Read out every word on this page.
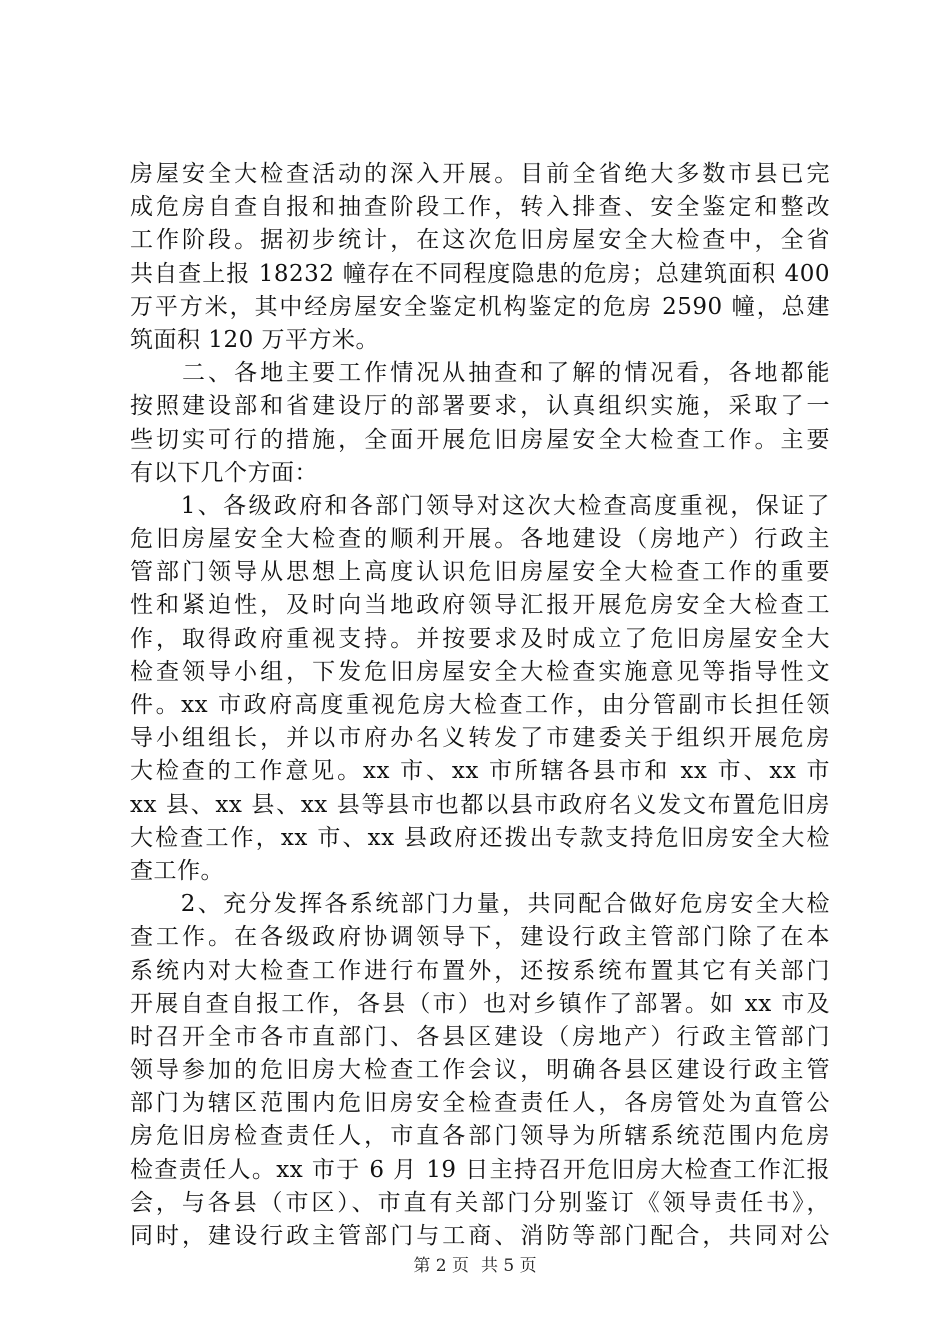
房屋安全大检查活动的深入开展。目前全省绝大多数市县已完
成危房自查自报和抽查阶段工作，转入排查、安全鉴定和整改
工作阶段。据初步统计，在这次危旧房屋安全大检查中，全省
共自查上报 18232 幢存在不同程度隐患的危房；总建筑面积 400
万平方米，其中经房屋安全鉴定机构鉴定的危房 2590 幢，总建
筑面积 120 万平方米。
　　二、各地主要工作情况从抽查和了解的情况看，各地都能
按照建设部和省建设厅的部署要求，认真组织实施，采取了一
些切实可行的措施，全面开展危旧房屋安全大检查工作。主要
有以下几个方面：
　　1、各级政府和各部门领导对这次大检查高度重视，保证了
危旧房屋安全大检查的顺利开展。各地建设（房地产）行政主
管部门领导从思想上高度认识危旧房屋安全大检查工作的重要
性和紧迫性，及时向当地政府领导汇报开展危房安全大检查工
作，取得政府重视支持。并按要求及时成立了危旧房屋安全大
检查领导小组，下发危旧房屋安全大检查实施意见等指导性文
件。xx 市政府高度重视危房大检查工作，由分管副市长担任领
导小组组长，并以市府办名义转发了市建委关于组织开展危房
大检查的工作意见。xx 市、xx 市所辖各县市和 xx 市、xx 市
xx 县、xx 县、xx 县等县市也都以县市政府名义发文布置危旧房
大检查工作，xx 市、xx 县政府还拨出专款支持危旧房安全大检
查工作。
　　2、充分发挥各系统部门力量，共同配合做好危房安全大检
查工作。在各级政府协调领导下，建设行政主管部门除了在本
系统内对大检查工作进行布置外，还按系统布置其它有关部门
开展自查自报工作，各县（市）也对乡镇作了部署。如 xx 市及
时召开全市各市直部门、各县区建设（房地产）行政主管部门
领导参加的危旧房大检查工作会议，明确各县区建设行政主管
部门为辖区范围内危旧房安全检查责任人，各房管处为直管公
房危旧房检查责任人，市直各部门领导为所辖系统范围内危房
检查责任人。xx 市于 6 月 19 日主持召开危旧房大检查工作汇报
会，与各县（市区）、市直有关部门分别鉴订《领导责任书》，
同时，建设行政主管部门与工商、消防等部门配合，共同对公
第 2 页 共 5 页
